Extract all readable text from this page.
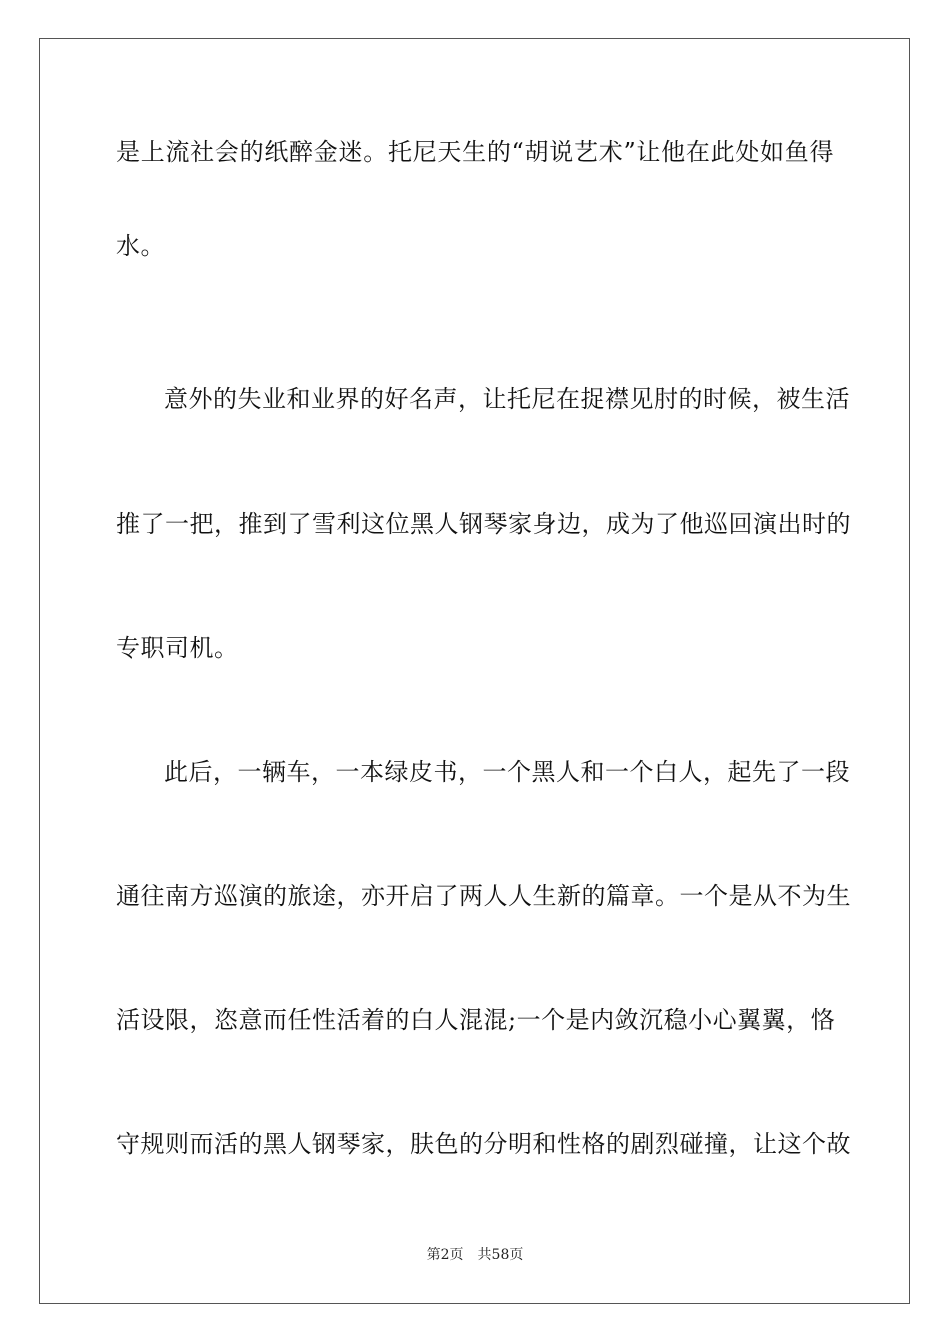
是上流社会的纸醉金迷。托尼天生的“胡说艺术”让他在此处如鱼得
水。
意外的失业和业界的好名声，让托尼在捉襟见肘的时候，被生活
推了一把，推到了雪利这位黑人钢琴家身边，成为了他巡回演出时的
专职司机。
此后，一辆车，一本绿皮书，一个黑人和一个白人，起先了一段
通往南方巡演的旅途，亦开启了两人人生新的篇章。一个是从不为生
活设限，恣意而任性活着的白人混混;一个是内敛沉稳小心翼翼，恪
守规则而活的黑人钢琴家，肤色的分明和性格的剧烈碰撞，让这个故
第2页 共58页
